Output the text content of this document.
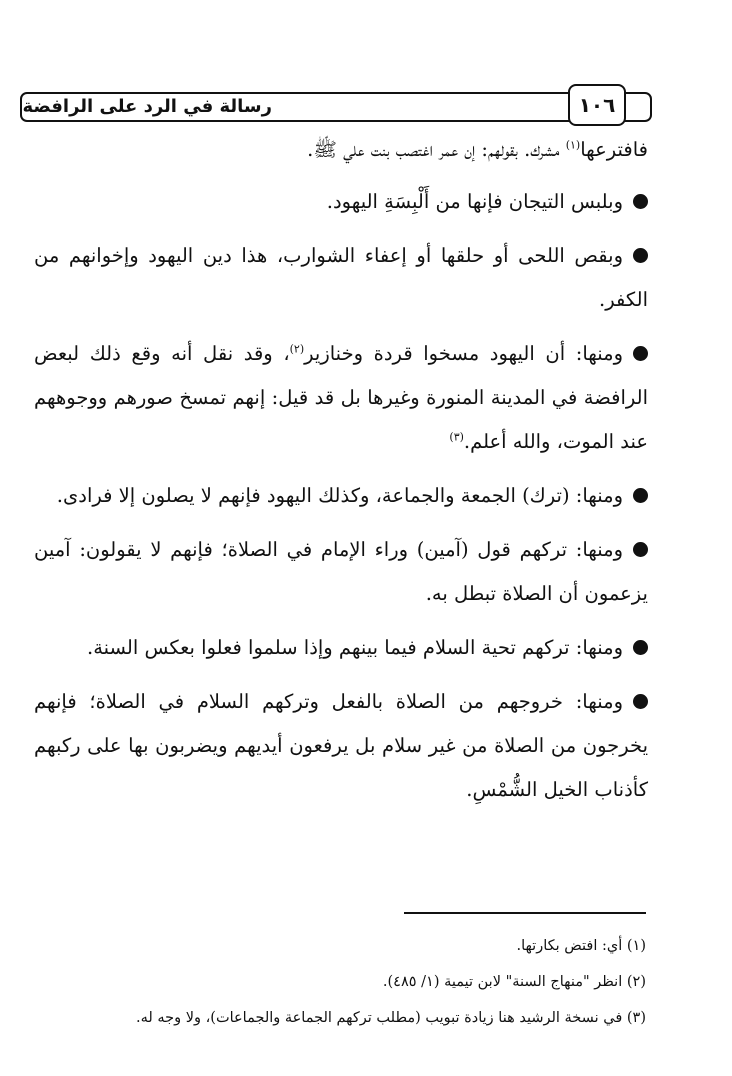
رسالة في الرد على الرافضة	١٠٦

فافترعها$^{(١)}$ مشرك. بقولهم: إن عمر اغتصب بنت علي ﷺ.

وبلبس التيجان فإنها من أَلْبِسَةِ اليهود.

وبقص اللحى أو حلقها أو إعفاء الشوارب، هذا دين اليهود وإخوانهم من الكفر.

ومنها: أن اليهود مسخوا قردة وخنازير$^{(٢)}$، وقد نقل أنه وقع ذلك لبعض الرافضة في المدينة المنورة وغيرها بل قد قيل: إنهم تمسخ صورهم ووجوههم عند الموت، والله أعلم.$^{(٣)}$

ومنها: (ترك) الجمعة والجماعة، وكذلك اليهود فإنهم لا يصلون إلا فرادى.

ومنها: تركهم قول (آمين) وراء الإمام في الصلاة؛ فإنهم لا يقولون: آمين يزعمون أن الصلاة تبطل به.

ومنها: تركهم تحية السلام فيما بينهم وإذا سلموا فعلوا بعكس السنة.

ومنها: خروجهم من الصلاة بالفعل وتركهم السلام في الصلاة؛ فإنهم يخرجون من الصلاة من غير سلام بل يرفعون أيديهم ويضربون بها على ركبهم كأذناب الخيل الشُّمْسِ.

(١) أي: افتض بكارتها.
(٢) انظر "منهاج السنة" لابن تيمية (١/ ٤٨٥).
(٣) في نسخة الرشيد هنا زيادة تبويب (مطلب تركهم الجماعة والجماعات)، ولا وجه له.
